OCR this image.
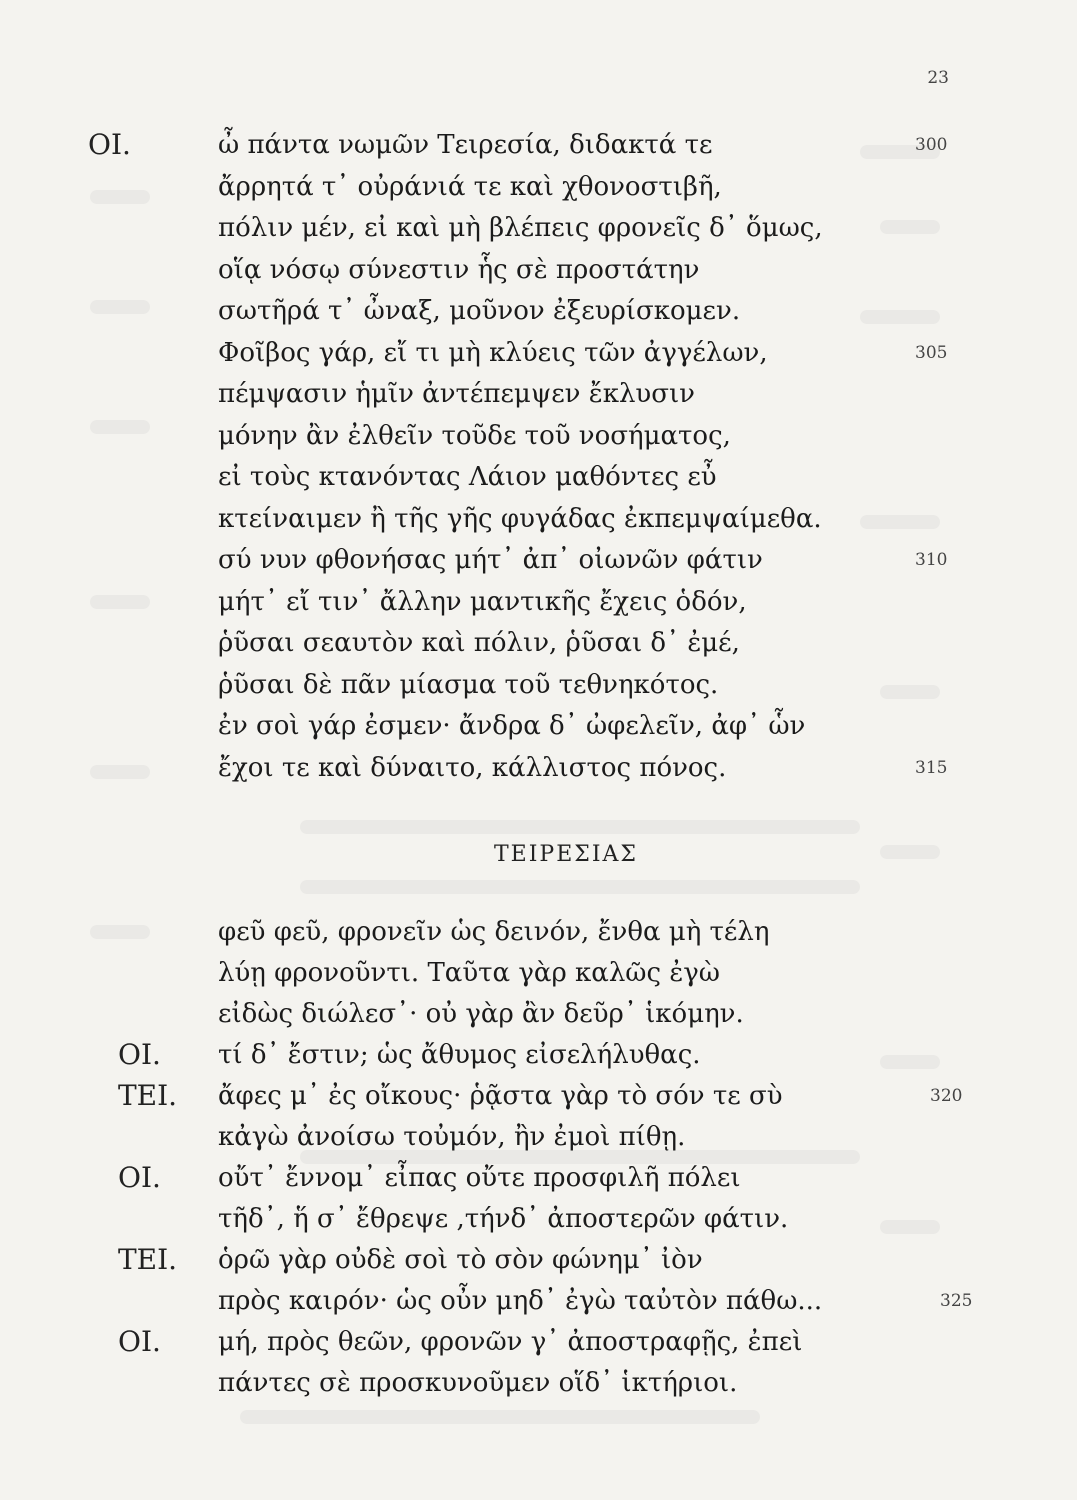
23
ΟΙ.	ὦ πάντα νωμῶν Τειρεσία, διδακτά τε	300
ἄρρητά τ᾽ οὐράνιά τε καὶ χθονοστιβῆ,
πόλιν μέν, εἰ καὶ μὴ βλέπεις φρονεῖς δ᾽ ὅμως,
οἵᾳ νόσῳ σύνεστιν ἧς σὲ προστάτην
σωτῆρά τ᾽ ὦναξ, μοῦνον ἐξευρίσκομεν.
Φοῖβος γάρ, εἴ τι μὴ κλύεις τῶν ἀγγέλων,	305
πέμψασιν ἡμῖν ἀντέπεμψεν ἔκλυσιν
μόνην ἂν ἐλθεῖν τοῦδε τοῦ νοσήματος,
εἰ τοὺς κτανόντας Λάιον μαθόντες εὖ
κτείναιμεν ἢ τῆς γῆς φυγάδας ἐκπεμψαίμεθα.
σύ νυν φθονήσας μήτ᾽ ἀπ᾽ οἰωνῶν φάτιν	310
μήτ᾽ εἴ τιν᾽ ἄλλην μαντικῆς ἔχεις ὁδόν,
ῥῦσαι σεαυτὸν καὶ πόλιν, ῥῦσαι δ᾽ ἐμέ,
ῥῦσαι δὲ πᾶν μίασμα τοῦ τεθνηκότος.
ἐν σοὶ γάρ ἐσμεν· ἄνδρα δ᾽ ὠφελεῖν, ἀφ᾽ ὧν
ἔχοι τε καὶ δύναιτο, κάλλιστος πόνος.	315
ΤΕΙΡΕΣΙΑΣ
φεῦ φεῦ, φρονεῖν ὡς δεινόν, ἔνθα μὴ τέλη
λύῃ φρονοῦντι. Ταῦτα γὰρ καλῶς ἐγὼ
εἰδὼς διώλεσ᾽· οὐ γὰρ ἂν δεῦρ᾽ ἱκόμην.
ΟΙ. τί δ᾽ ἔστιν; ὡς ἄθυμος εἰσελήλυθας.
ΤΕΙ. ἄφες μ᾽ ἐς οἴκους· ῥᾷστα γὰρ τὸ σόν τε σὺ	320
κἀγὼ ἀνοίσω τοὐμόν, ἢν ἐμοὶ πίθῃ.
ΟΙ. οὔτ᾽ ἔννομ᾽ εἶπας οὔτε προσφιλῆ πόλει
τῆδ᾽, ἥ σ᾽ ἔθρεψε ,τήνδ᾽ ἀποστερῶν φάτιν.
ΤΕΙ. ὁρῶ γὰρ οὐδὲ σοὶ τὸ σὸν φώνημ᾽ ἰὸν
πρὸς καιρόν· ὡς οὖν μηδ᾽ ἐγὼ ταὐτὸν πάθω...	325
ΟΙ. μή, πρὸς θεῶν, φρονῶν γ᾽ ἀποστραφῇς, ἐπεὶ
πάντες σὲ προσκυνοῦμεν οἵδ᾽ ἱκτήριοι.
